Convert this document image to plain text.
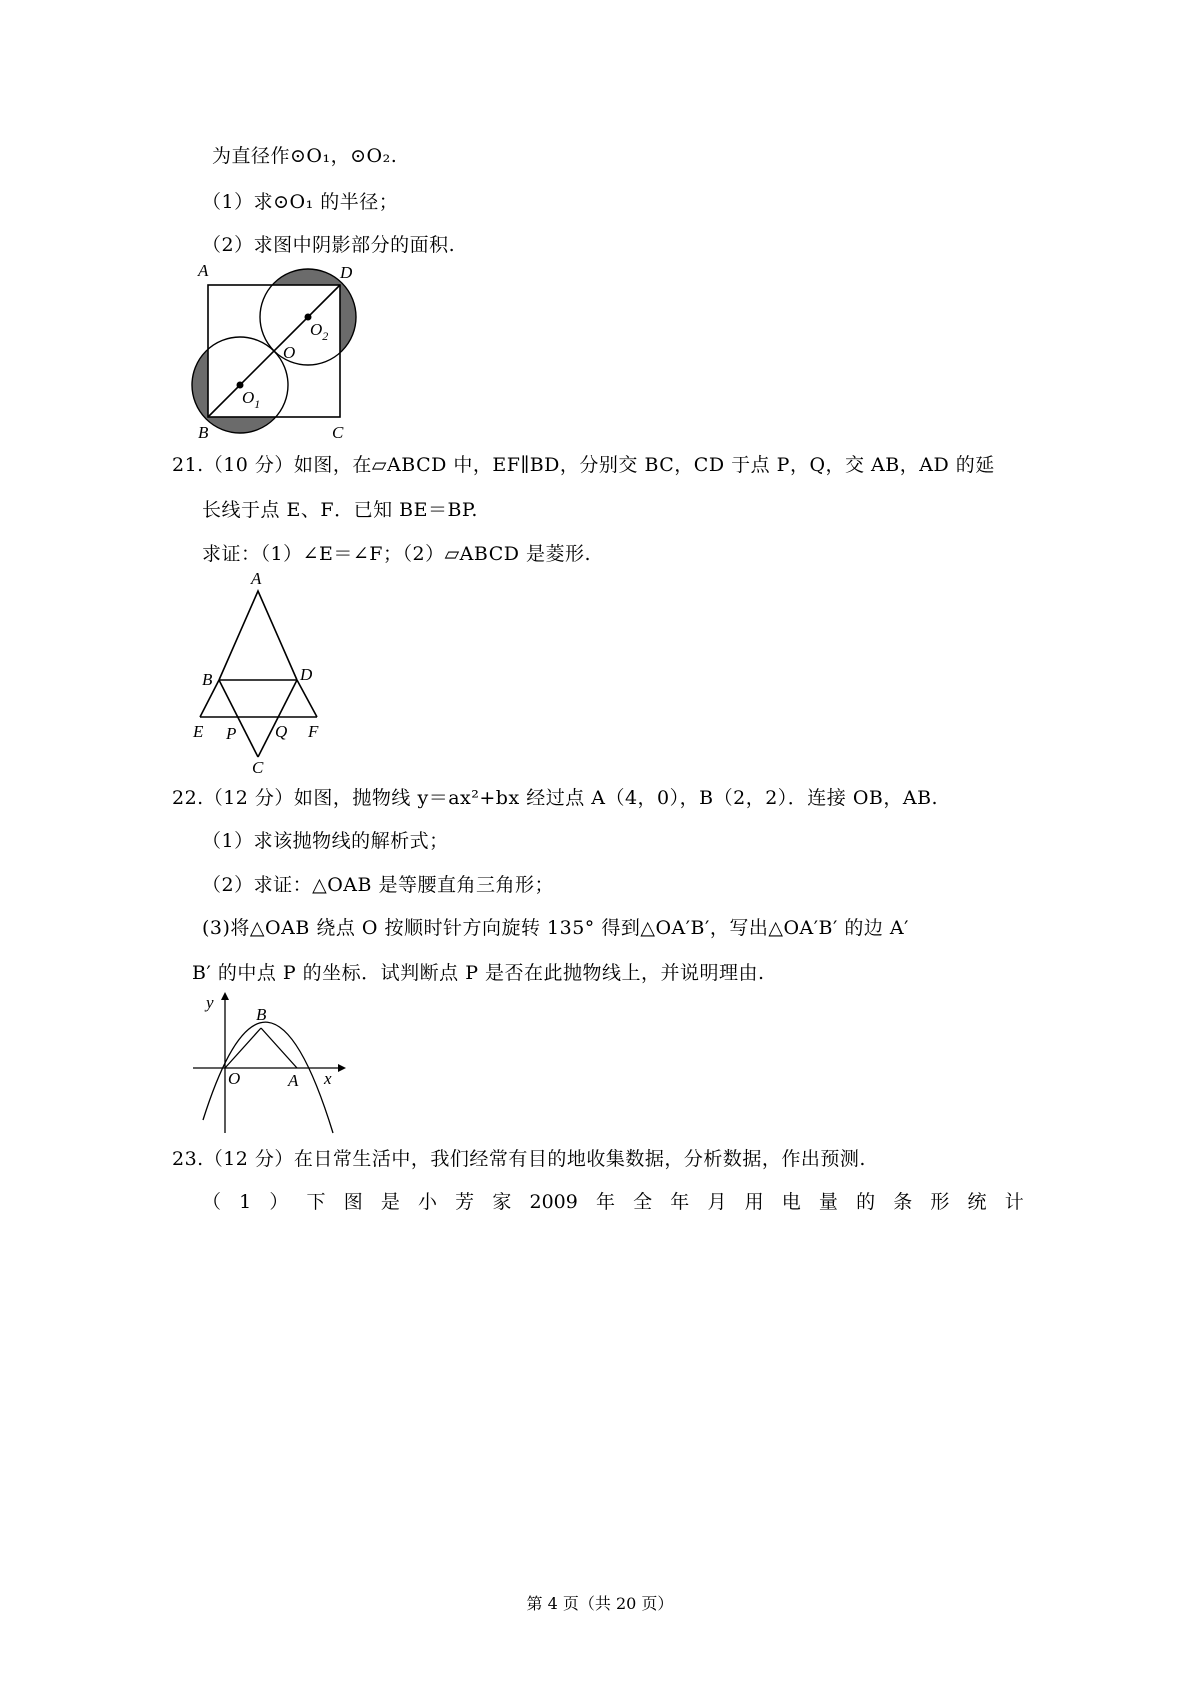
为直径作⊙O₁，⊙O₂.
（1）求⊙O₁ 的半径；
（2）求图中阴影部分的面积.
A	D
B	C
O
$O_1$
$O_2$
21.（10 分）如图，在▱ABCD 中，EF∥BD，分别交 BC，CD 于点 P，Q，交 AB，AD 的延
长线于点 E、F．已知 BE＝BP.
求证：（1）∠E＝∠F；（2）▱ABCD 是菱形.
A
B	D
E P Q F
C
22.（12 分）如图，抛物线 y＝ax²+bx 经过点 A（4，0），B（2，2）．连接 OB，AB.
（1）求该抛物线的解析式；
（2）求证：△OAB 是等腰直角三角形；
(3)将△OAB 绕点 O 按顺时针方向旋转 135° 得到△OA′B′，写出△OA′B′ 的边 A′
B′ 的中点 P 的坐标．试判断点 P 是否在此抛物线上，并说明理由.
y
B
O	A x
23.（12 分）在日常生活中，我们经常有目的地收集数据，分析数据，作出预测.
（ 1 ） 下 图 是 小 芳 家 2009 年 全 年 月 用 电 量 的 条 形 统 计
第 4 页（共 20 页）
